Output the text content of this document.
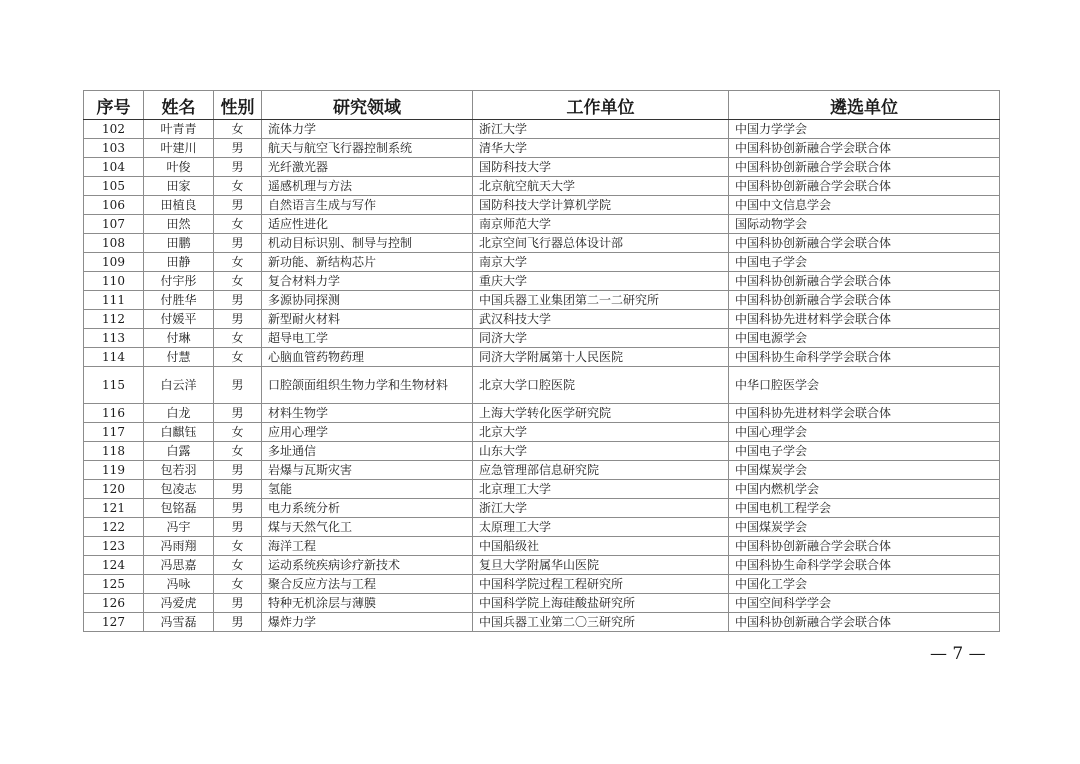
序号	姓名	性别	研究领域	工作单位	遴选单位
102	叶青青	女	流体力学	浙江大学	中国力学学会
103	叶建川	男	航天与航空飞行器控制系统	清华大学	中国科协创新融合学会联合体
104	叶俊	男	光纤激光器	国防科技大学	中国科协创新融合学会联合体
105	田家	女	遥感机理与方法	北京航空航天大学	中国科协创新融合学会联合体
106	田植良	男	自然语言生成与写作	国防科技大学计算机学院	中国中文信息学会
107	田然	女	适应性进化	南京师范大学	国际动物学会
108	田鹏	男	机动目标识别、制导与控制	北京空间飞行器总体设计部	中国科协创新融合学会联合体
109	田静	女	新功能、新结构芯片	南京大学	中国电子学会
110	付宇彤	女	复合材料力学	重庆大学	中国科协创新融合学会联合体
111	付胜华	男	多源协同探测	中国兵器工业集团第二一二研究所	中国科协创新融合学会联合体
112	付媛平	男	新型耐火材料	武汉科技大学	中国科协先进材料学会联合体
113	付琳	女	超导电工学	同济大学	中国电源学会
114	付慧	女	心脑血管药物药理	同济大学附属第十人民医院	中国科协生命科学学会联合体
115	白云洋	男	口腔颌面组织生物力学和生物材料	北京大学口腔医院	中华口腔医学会
116	白龙	男	材料生物学	上海大学转化医学研究院	中国科协先进材料学会联合体
117	白麒钰	女	应用心理学	北京大学	中国心理学会
118	白露	女	多址通信	山东大学	中国电子学会
119	包若羽	男	岩爆与瓦斯灾害	应急管理部信息研究院	中国煤炭学会
120	包凌志	男	氢能	北京理工大学	中国内燃机学会
121	包铭磊	男	电力系统分析	浙江大学	中国电机工程学会
122	冯宇	男	煤与天然气化工	太原理工大学	中国煤炭学会
123	冯雨翔	女	海洋工程	中国船级社	中国科协创新融合学会联合体
124	冯思嘉	女	运动系统疾病诊疗新技术	复旦大学附属华山医院	中国科协生命科学学会联合体
125	冯咏	女	聚合反应方法与工程	中国科学院过程工程研究所	中国化工学会
126	冯爱虎	男	特种无机涂层与薄膜	中国科学院上海硅酸盐研究所	中国空间科学学会
127	冯雪磊	男	爆炸力学	中国兵器工业第二〇三研究所	中国科协创新融合学会联合体
— 7 —
